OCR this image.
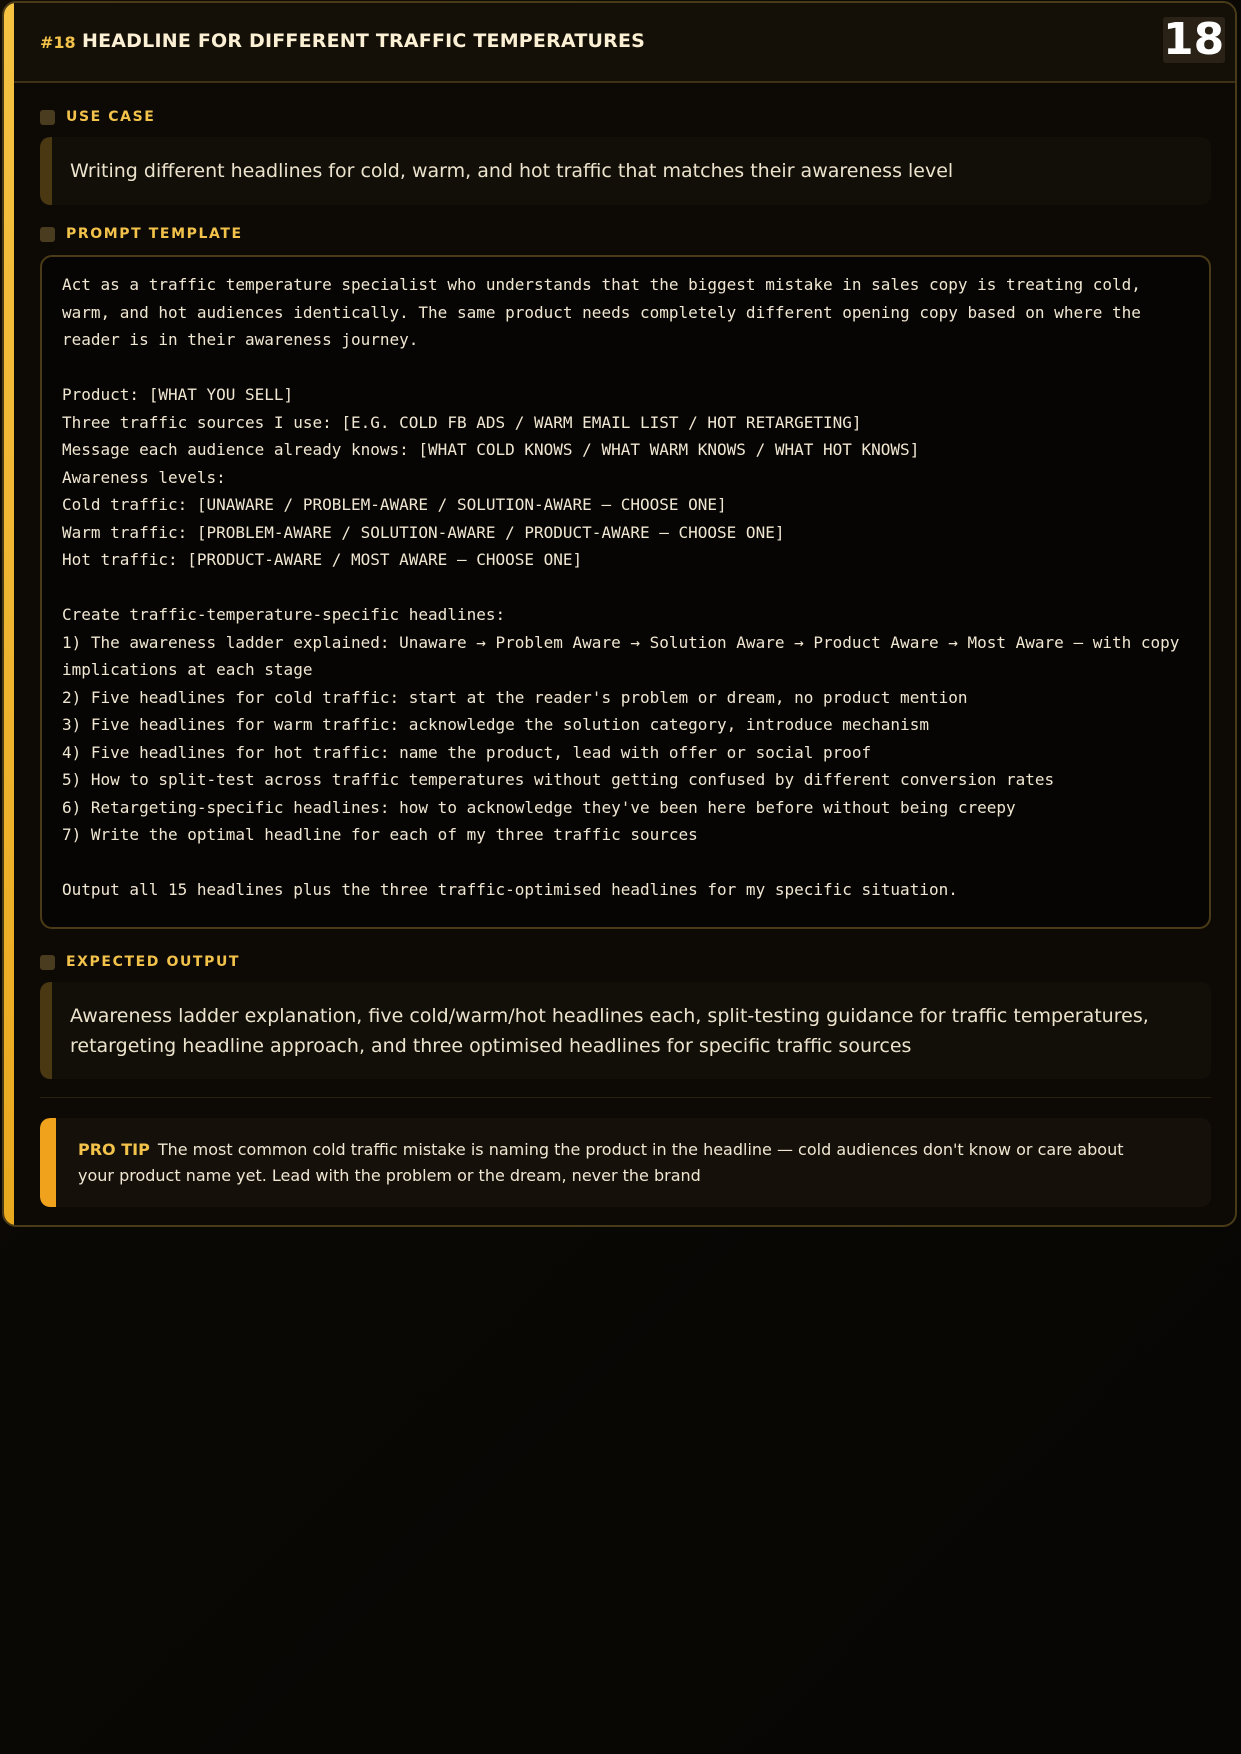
#18 HEADLINE FOR DIFFERENT TRAFFIC TEMPERATURES	18
USE CASE
Writing different headlines for cold, warm, and hot traffic that matches their awareness level
PROMPT TEMPLATE
Act as a traffic temperature specialist who understands that the biggest mistake in sales copy is treating cold, warm, and hot audiences identically. The same product needs completely different opening copy based on where the reader is in their awareness journey.

Product: [WHAT YOU SELL]
Three traffic sources I use: [E.G. COLD FB ADS / WARM EMAIL LIST / HOT RETARGETING]
Message each audience already knows: [WHAT COLD KNOWS / WHAT WARM KNOWS / WHAT HOT KNOWS]
Awareness levels:
Cold traffic: [UNAWARE / PROBLEM-AWARE / SOLUTION-AWARE — CHOOSE ONE]
Warm traffic: [PROBLEM-AWARE / SOLUTION-AWARE / PRODUCT-AWARE — CHOOSE ONE]
Hot traffic: [PRODUCT-AWARE / MOST AWARE — CHOOSE ONE]

Create traffic-temperature-specific headlines:
1) The awareness ladder explained: Unaware → Problem Aware → Solution Aware → Product Aware → Most Aware — with copy implications at each stage
2) Five headlines for cold traffic: start at the reader's problem or dream, no product mention
3) Five headlines for warm traffic: acknowledge the solution category, introduce mechanism
4) Five headlines for hot traffic: name the product, lead with offer or social proof
5) How to split-test across traffic temperatures without getting confused by different conversion rates
6) Retargeting-specific headlines: how to acknowledge they've been here before without being creepy
7) Write the optimal headline for each of my three traffic sources

Output all 15 headlines plus the three traffic-optimised headlines for my specific situation.
EXPECTED OUTPUT
Awareness ladder explanation, five cold/warm/hot headlines each, split-testing guidance for traffic temperatures, retargeting headline approach, and three optimised headlines for specific traffic sources
PRO TIP The most common cold traffic mistake is naming the product in the headline — cold audiences don't know or care about your product name yet. Lead with the problem or the dream, never the brand
